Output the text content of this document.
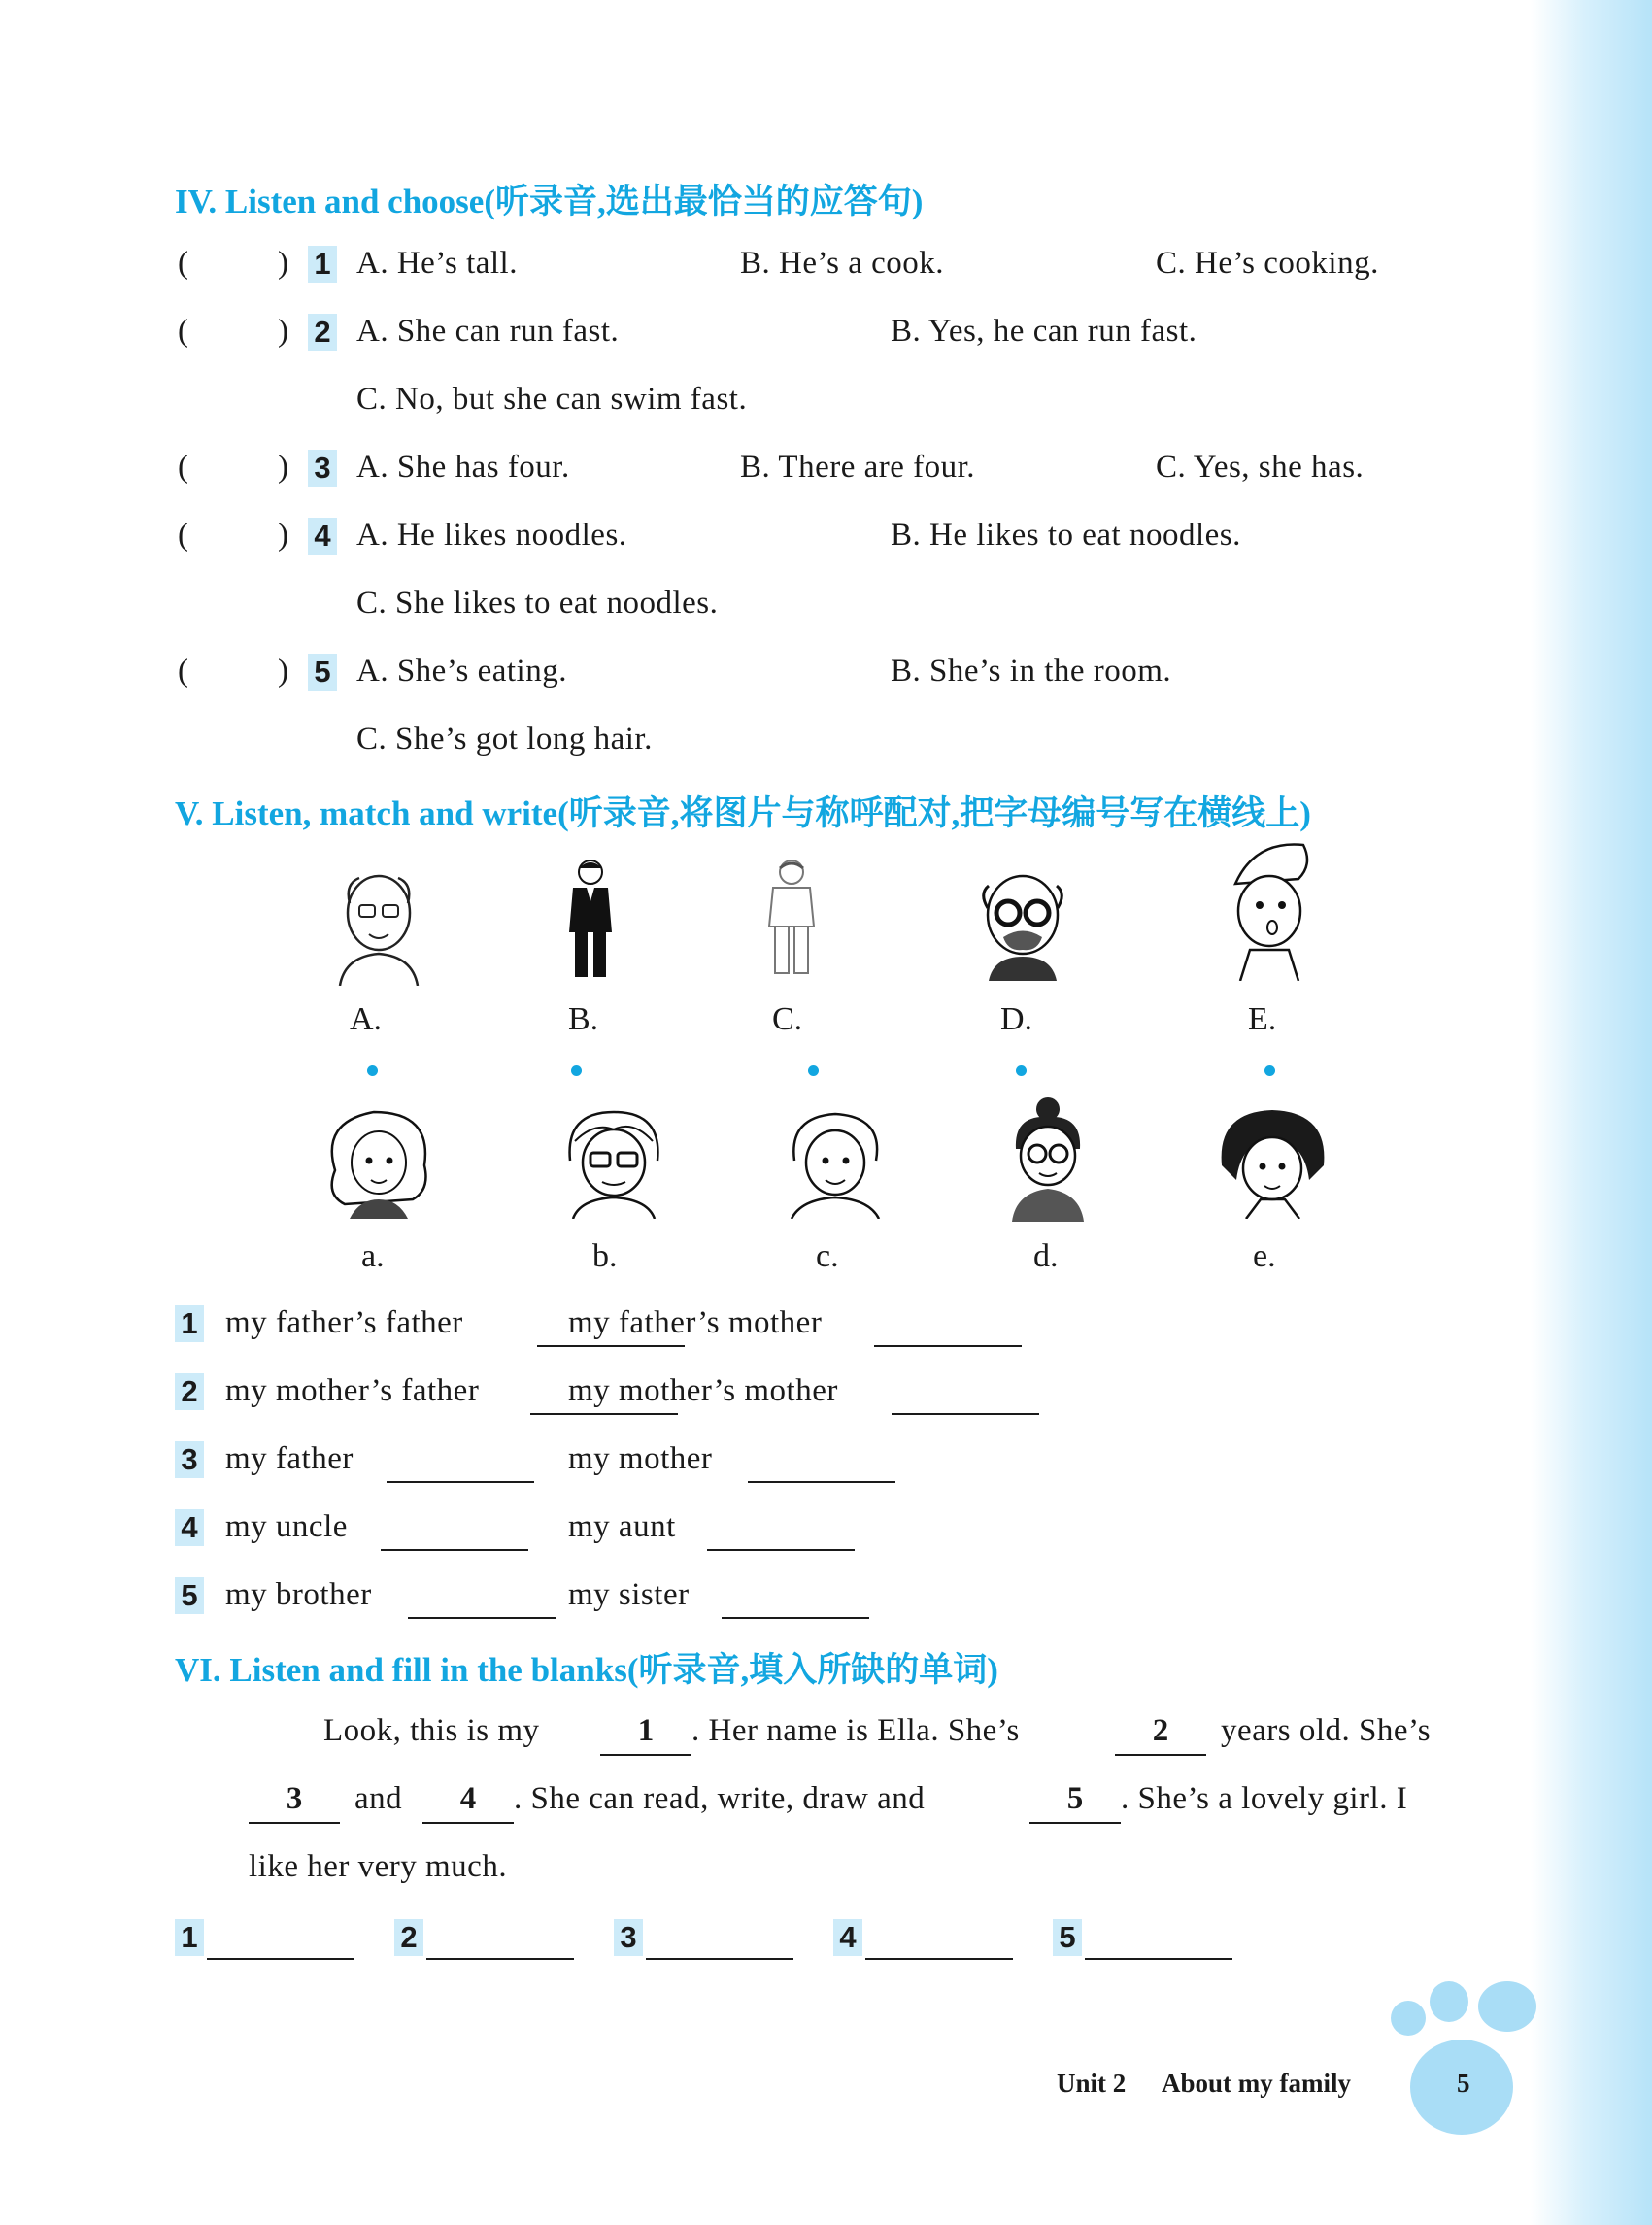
IV. Listen and choose(听录音,选出最恰当的应答句)
(	) 1 A. He’s tall.	B. He’s a cook.	C. He’s cooking.
(	) 2 A. She can run fast.	B. Yes, he can run fast.
C. No, but she can swim fast.
(	) 3 A. She has four.	B. There are four.	C. Yes, she has.
(	) 4 A. He likes noodles.	B. He likes to eat noodles.
C. She likes to eat noodles.
(	) 5 A. She’s eating.	B. She’s in the room.
C. She’s got long hair.
V. Listen, match and write(听录音,将图片与称呼配对,把字母编号写在横线上)
A.	B.	C.	D.	E.
a.	b.	c.	d.	e.
1 my father’s father	my father’s mother
2 my mother’s father	my mother’s mother
3 my father	my mother
4 my uncle	my aunt
5 my brother	my sister
VI. Listen and fill in the blanks(听录音,填入所缺的单词)
Look, this is my	1	. Her name is Ella. She’s	2	years old. She’s
3	and	4	. She can read, write, draw and	5	. She’s a lovely girl. I
like her very much.
1	2	3	4	5
Unit 2 About my family	5
